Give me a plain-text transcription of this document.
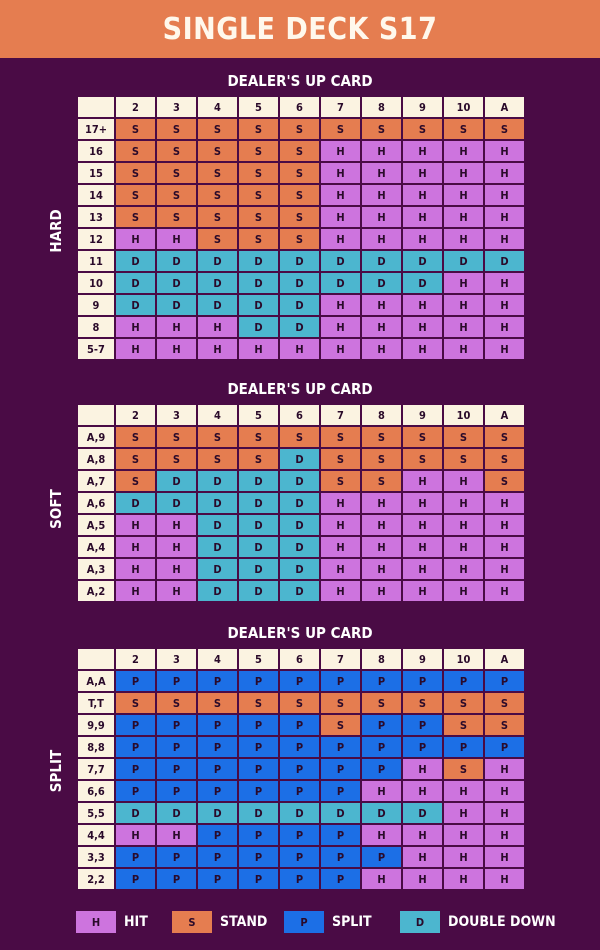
SINGLE DECK S17
DEALER'S UP CARD
HARD
	2	3	4	5	6	7	8	9	10	A
17+	S	S	S	S	S	S	S	S	S	S
16	S	S	S	S	S	H	H	H	H	H
15	S	S	S	S	S	H	H	H	H	H
14	S	S	S	S	S	H	H	H	H	H
13	S	S	S	S	S	H	H	H	H	H
12	H	H	S	S	S	H	H	H	H	H
11	D	D	D	D	D	D	D	D	D	D
10	D	D	D	D	D	D	D	D	H	H
9	D	D	D	D	D	H	H	H	H	H
8	H	H	H	D	D	H	H	H	H	H
5-7	H	H	H	H	H	H	H	H	H	H
DEALER'S UP CARD
SOFT
	2	3	4	5	6	7	8	9	10	A
A,9	S	S	S	S	S	S	S	S	S	S
A,8	S	S	S	S	D	S	S	S	S	S
A,7	S	D	D	D	D	S	S	H	H	S
A,6	D	D	D	D	D	H	H	H	H	H
A,5	H	H	D	D	D	H	H	H	H	H
A,4	H	H	D	D	D	H	H	H	H	H
A,3	H	H	D	D	D	H	H	H	H	H
A,2	H	H	D	D	D	H	H	H	H	H
DEALER'S UP CARD
SPLIT
	2	3	4	5	6	7	8	9	10	A
A,A	P	P	P	P	P	P	P	P	P	P
T,T	S	S	S	S	S	S	S	S	S	S
9,9	P	P	P	P	P	S	P	P	S	S
8,8	P	P	P	P	P	P	P	P	P	P
7,7	P	P	P	P	P	P	P	H	S	H
6,6	P	P	P	P	P	P	H	H	H	H
5,5	D	D	D	D	D	D	D	D	H	H
4,4	H	H	P	P	P	P	H	H	H	H
3,3	P	P	P	P	P	P	P	H	H	H
2,2	P	P	P	P	P	P	H	H	H	H
H	HIT	S	STAND	P	SPLIT	D	DOUBLE DOWN
